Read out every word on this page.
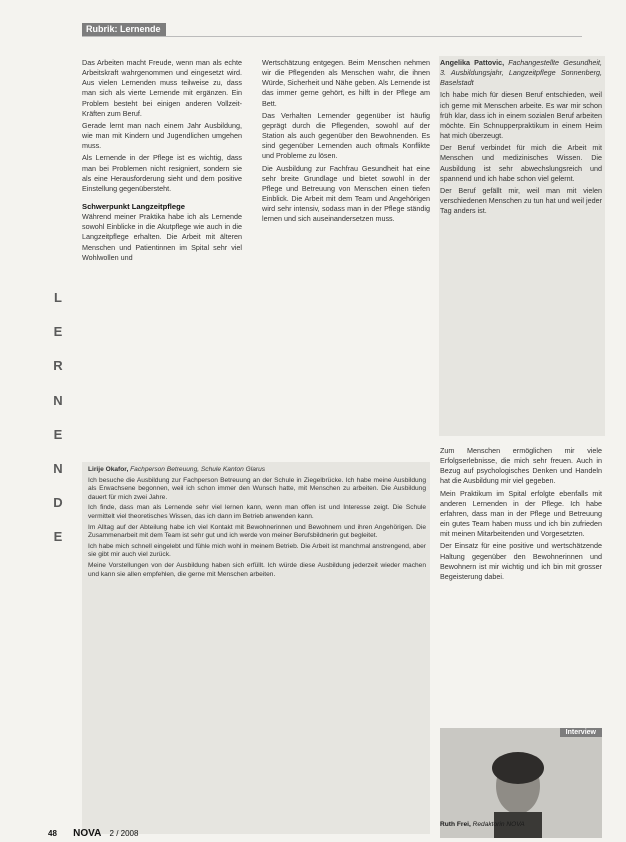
Rubrik: Lernende
L
E
R
N
E
N
D
E

Das Arbeiten macht Freude, wenn man als echte Arbeitskraft wahrgenommen und eingesetzt wird. Aus vielen Lernenden muss teilweise zu, dass man sich als vierte Lernende mit ergänzen. Ein Problem besteht bei einigen anderen Vollzeit-Kräften zum Beruf.

Gerade lernt man nach einem Jahr Ausbildung, wie man mit Kindern und Jugendlichen umgehen muss.

Als Lernende in der Pflege ist es wichtig, dass man bei Problemen nicht resigniert, sondern sie als eine Herausforderung sieht und dem positive Einstellung gegenübersteht.

Schwerpunkt Langzeitpflege

Während meiner Praktika habe ich als Lernende sowohl Einblicke in die Akutpflege wie auch in die Langzeitpflege erhalten. Die Arbeit mit älteren Menschen und Patientinnen im Spital sehr viel Wohlwollen und

Wertschätzung entgegen. Beim Menschen nehmen wir die Pflegenden als Menschen wahr, die ihnen Würde, Sicherheit und Nähe geben. Als Lernende ist das immer gerne gehört, es hilft in der Pflege am Bett.

Das Verhalten Lernender gegenüber ist häufig geprägt durch die Pflegenden, sowohl auf der Station als auch gegenüber den Bewohnenden. Es sind gegenüber Lernenden auch oftmals Konflikte und Probleme zu lösen.

Die Ausbildung zur Fachfrau Gesundheit hat eine sehr breite Grundlage und bietet sowohl in der Pflege und Betreuung von Menschen einen tiefen Einblick. Die Arbeit mit dem Team und Angehörigen wird sehr intensiv, sodass man in der Pflege ständig lernen und sich auseinandersetzen muss.

Angelika Pattovic, Fachangestellte Gesundheit, 3. Ausbildungsjahr, Langzeitpflege Sonnenberg, Baselstadt

Ich habe mich für diesen Beruf entschieden, weil ich gerne mit Menschen arbeite. Es war mir schon früh klar, dass ich in einem sozialen Beruf arbeiten möchte. Ein Schnupperpraktikum in einem Heim hat mich überzeugt.

Der Beruf verbindet für mich die Arbeit mit Menschen und medizinisches Wissen. Die Ausbildung ist sehr abwechslungsreich und spannend und ich habe schon viel gelernt.

Der Beruf gefällt mir, weil man mit vielen verschiedenen Menschen zu tun hat und weil jeder Tag anders ist.

Lirije Okafor, Fachperson Betreuung, Schule Kanton Glarus

Ich besuche die Ausbildung zur Fachperson Betreuung an der Schule in Ziegelbrücke. Ich habe meine Ausbildung als Erwachsene begonnen, weil ich schon immer den Wunsch hatte, mit Menschen zu arbeiten. Die Ausbildung dauert für mich zwei Jahre.

Ich finde, dass man als Lernende sehr viel lernen kann, wenn man offen ist und Interesse zeigt. Die Schule vermittelt viel theoretisches Wissen, das ich dann im Betrieb anwenden kann.

Im Alltag auf der Abteilung habe ich viel Kontakt mit Bewohnerinnen und Bewohnern und ihren Angehörigen. Die Zusammenarbeit mit dem Team ist sehr gut und ich werde von meiner Berufsbildnerin gut begleitet.

Ich habe mich schnell eingelebt und fühle mich wohl in meinem Betrieb. Die Arbeit ist manchmal anstrengend, aber sie gibt mir auch viel zurück.

Meine Vorstellungen von der Ausbildung haben sich erfüllt. Ich würde diese Ausbildung jederzeit wieder machen und kann sie allen empfehlen, die gerne mit Menschen arbeiten.

Zum Menschen ermöglichen mir viele Erfolgserlebnisse, die mich sehr freuen. Auch in Bezug auf psychologisches Denken und Handeln hat die Ausbildung mir viel gegeben.

Mein Praktikum im Spital erfolgte ebenfalls mit anderen Lernenden in der Pflege. Ich habe erfahren, dass man in der Pflege und Betreuung ein gutes Team haben muss und ich bin zufrieden mit meinen Mitarbeitenden und Vorgesetzten.

Der Einsatz für eine positive und wertschätzende Haltung gegenüber den Bewohnerinnen und Bewohnern ist mir wichtig und ich bin mit grosser Begeisterung dabei.

Interview
Ruth Frei, Redaktorin NOVA
48 NOVA 2 / 2008
